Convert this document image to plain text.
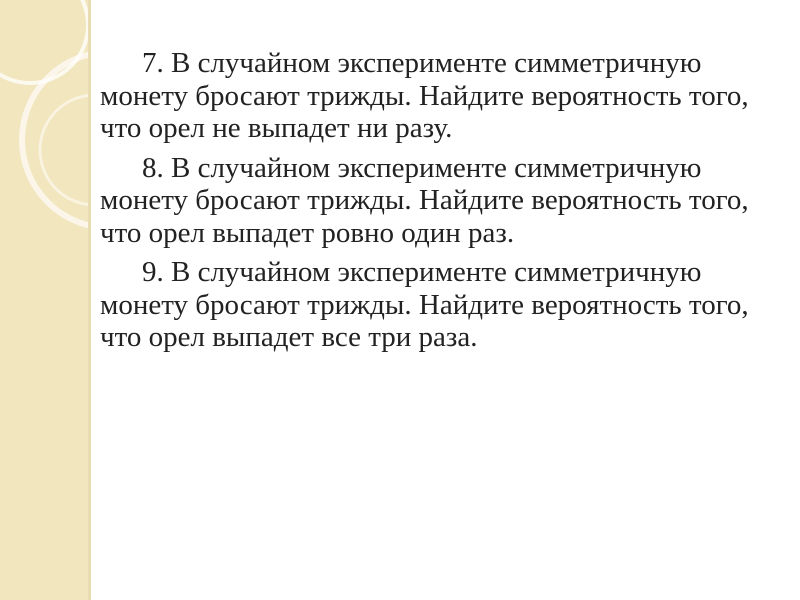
7. В случайном эксперименте симметричную монету бросают трижды. Найдите вероятность того, что орел не выпадет ни разу.

8. В случайном эксперименте симметричную монету бросают трижды. Найдите вероятность того, что орел выпадет ровно один раз.

9. В случайном эксперименте симметричную монету бросают трижды. Найдите вероятность того, что орел выпадет все три раза.
